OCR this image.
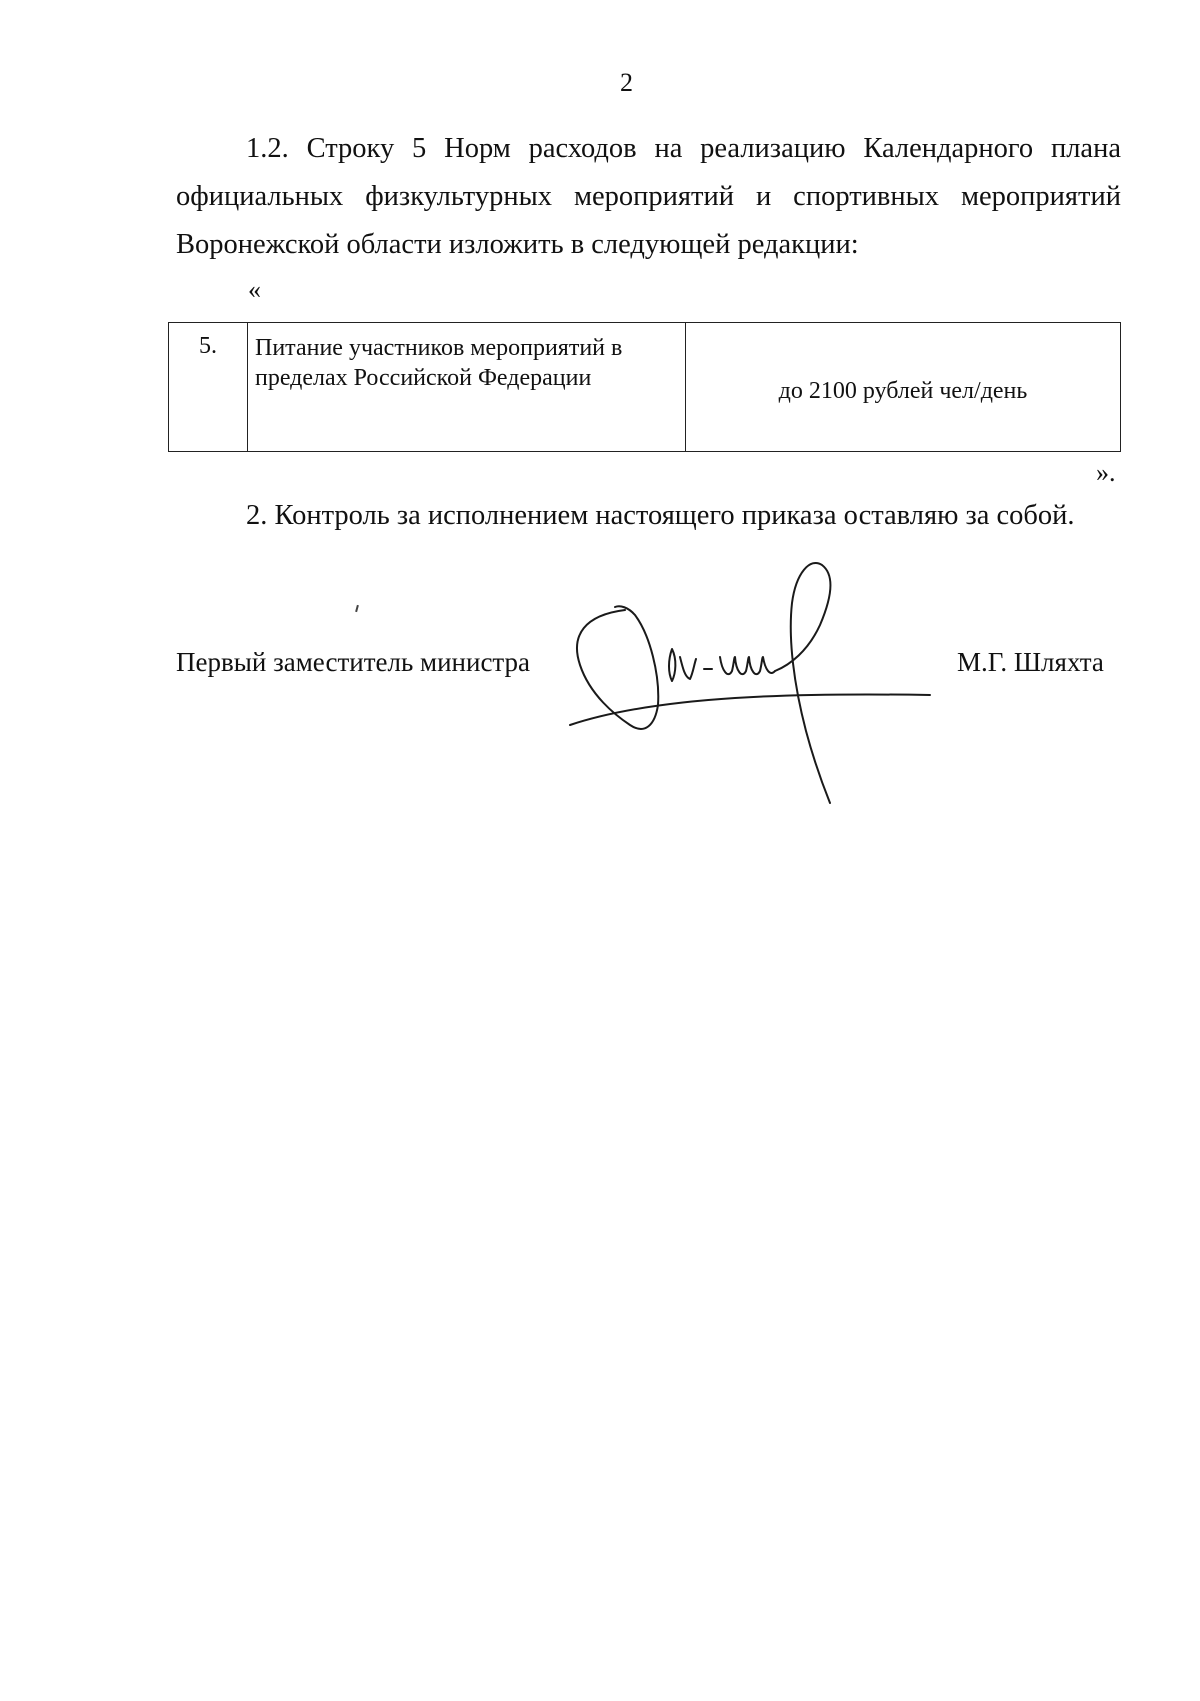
2
1.2. Строку 5 Норм расходов на реализацию Календарного плана официальных физкультурных мероприятий и спортивных мероприятий Воронежской области изложить в следующей редакции:
«
5.	Питание участников мероприятий в пределах Российской Федерации	до 2100 рублей чел/день
».
2. Контроль за исполнением настоящего приказа оставляю за собой.
Первый заместитель министра	М.Г. Шляхта
